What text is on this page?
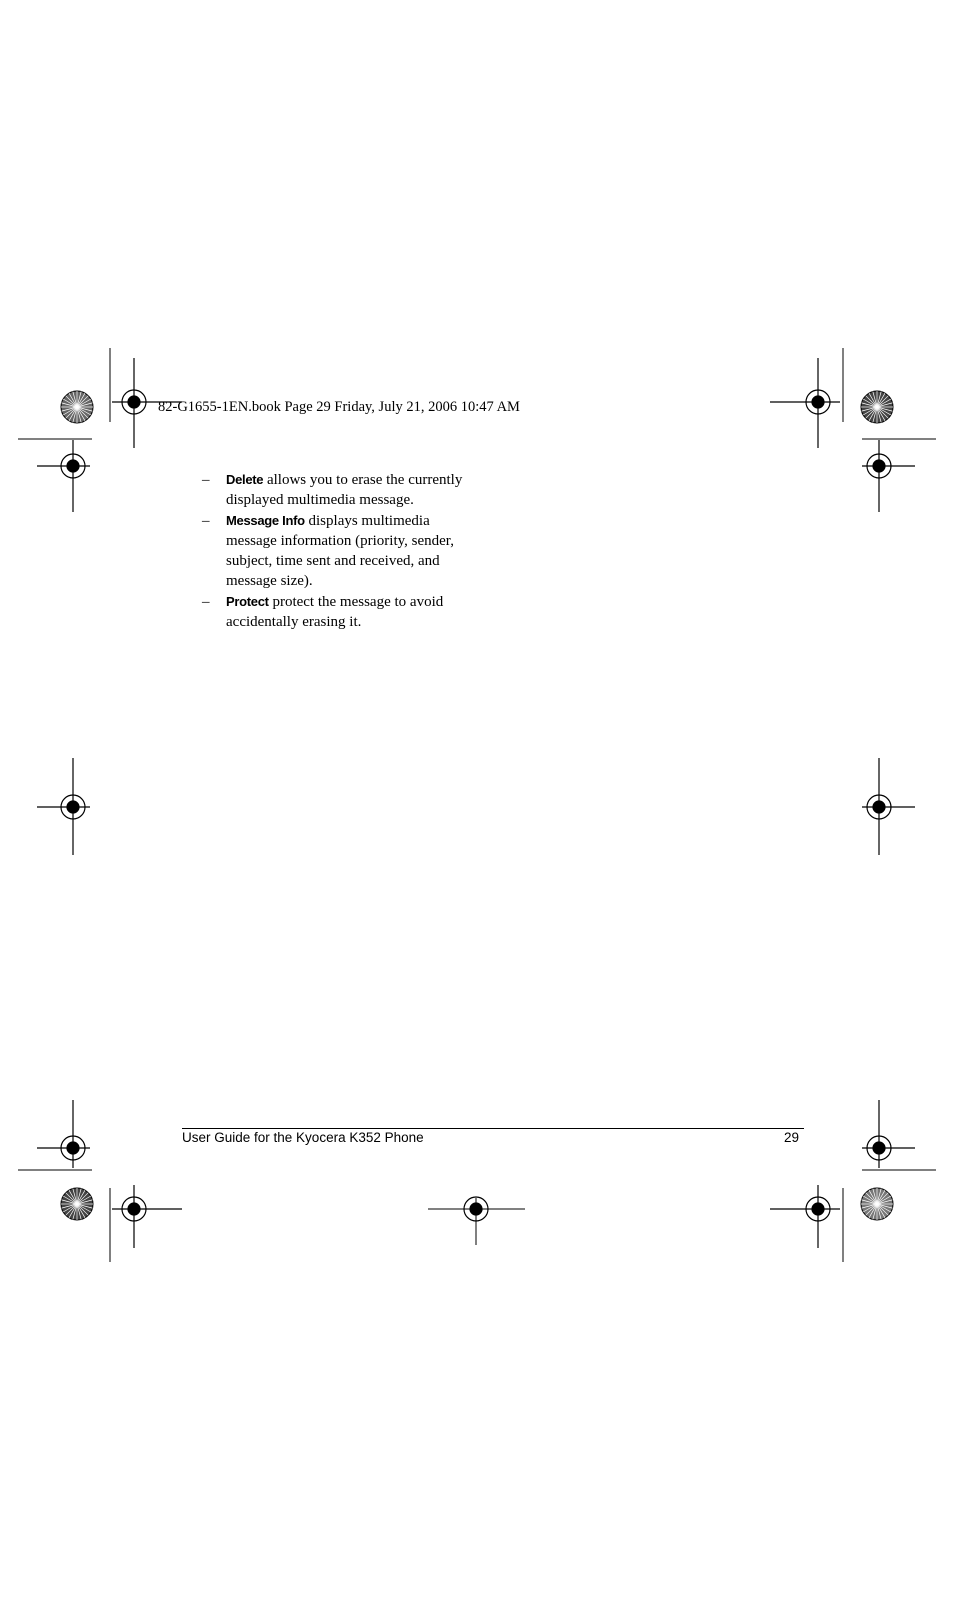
82-G1655-1EN.book Page 29 Friday, July 21, 2006 10:47 AM
– Delete allows you to erase the currently displayed multimedia message.
– Message Info displays multimedia message information (priority, sender, subject, time sent and received, and message size).
– Protect protect the message to avoid accidentally erasing it.
User Guide for the Kyocera K352 Phone	29
